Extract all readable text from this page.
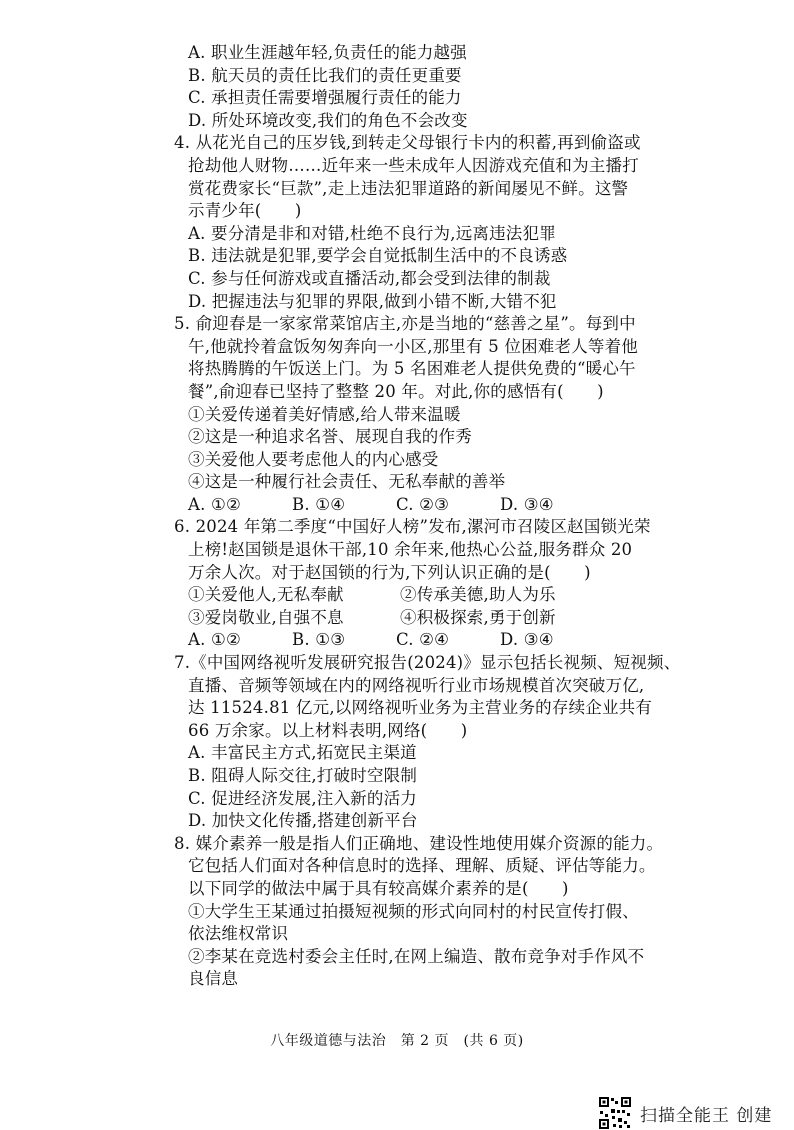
A. 职业生涯越年轻,负责任的能力越强
B. 航天员的责任比我们的责任更重要
C. 承担责任需要增强履行责任的能力
D. 所处环境改变,我们的角色不会改变
4. 从花光自己的压岁钱,到转走父母银行卡内的积蓄,再到偷盗或
抢劫他人财物……近年来一些未成年人因游戏充值和为主播打
赏花费家长“巨款”,走上违法犯罪道路的新闻屡见不鲜。这警
示青少年(　　)
A. 要分清是非和对错,杜绝不良行为,远离违法犯罪
B. 违法就是犯罪,要学会自觉抵制生活中的不良诱惑
C. 参与任何游戏或直播活动,都会受到法律的制裁
D. 把握违法与犯罪的界限,做到小错不断,大错不犯
5. 俞迎春是一家家常菜馆店主,亦是当地的“慈善之星”。每到中
午,他就拎着盒饭匆匆奔向一小区,那里有 5 位困难老人等着他
将热腾腾的午饭送上门。为 5 名困难老人提供免费的“暖心午
餐”,俞迎春已坚持了整整 20 年。对此,你的感悟有(　　)
①关爱传递着美好情感,给人带来温暖
②这是一种追求名誉、展现自我的作秀
③关爱他人要考虑他人的内心感受
④这是一种履行社会责任、无私奉献的善举
A. ①②	B. ①④	C. ②③	D. ③④
6. 2024 年第二季度“中国好人榜”发布,漯河市召陵区赵国锁光荣
上榜!赵国锁是退休干部,10 余年来,他热心公益,服务群众 20
万余人次。对于赵国锁的行为,下列认识正确的是(　　)
①关爱他人,无私奉献	②传承美德,助人为乐
③爱岗敬业,自强不息	④积极探索,勇于创新
A. ①②	B. ①③	C. ②④	D. ③④
7.《中国网络视听发展研究报告(2024)》显示包括长视频、短视频、
直播、音频等领域在内的网络视听行业市场规模首次突破万亿,
达 11524.81 亿元,以网络视听业务为主营业务的存续企业共有
66 万余家。以上材料表明,网络(　　)
A. 丰富民主方式,拓宽民主渠道
B. 阻碍人际交往,打破时空限制
C. 促进经济发展,注入新的活力
D. 加快文化传播,搭建创新平台
8. 媒介素养一般是指人们正确地、建设性地使用媒介资源的能力。
它包括人们面对各种信息时的选择、理解、质疑、评估等能力。
以下同学的做法中属于具有较高媒介素养的是(　　)
①大学生王某通过拍摄短视频的形式向同村的村民宣传打假、
依法维权常识
②李某在竞选村委会主任时,在网上编造、散布竞争对手作风不
良信息
八年级道德与法治　第 2 页　(共 6 页)
扫描全能王 创建
